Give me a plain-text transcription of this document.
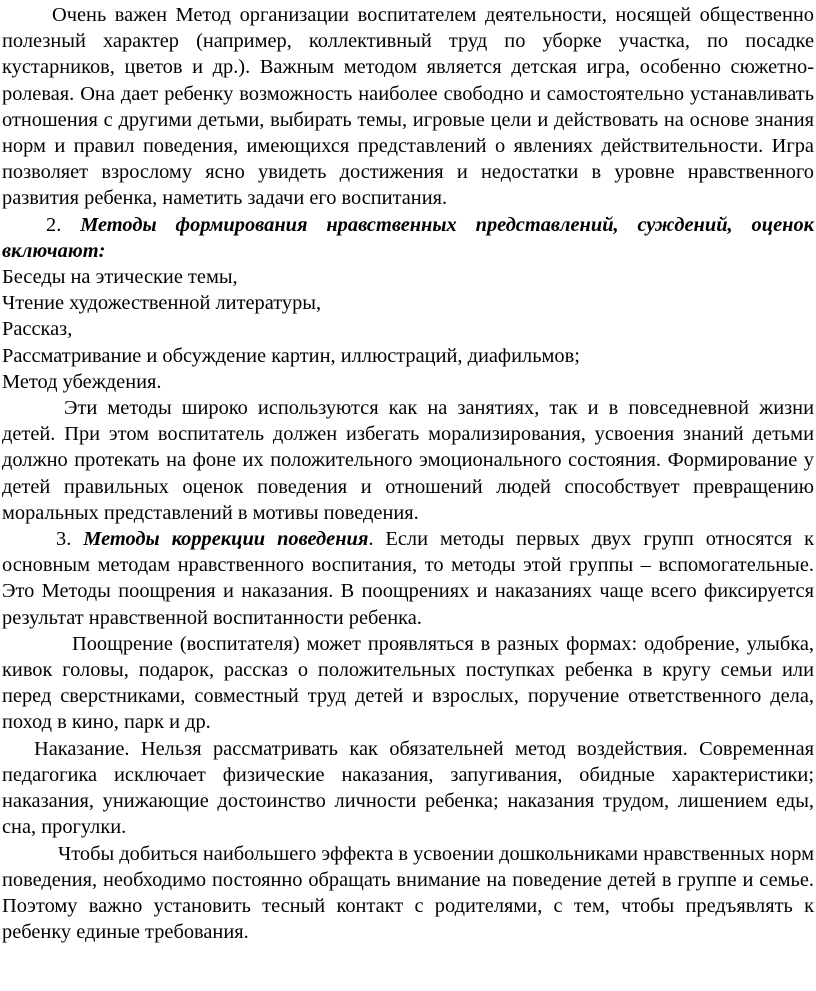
Очень важен Метод организации воспитателем деятельности, носящей общественно полезный характер (например, коллективный труд по уборке участка, по посадке кустарников, цветов и др.). Важным методом является детская игра, особенно сюжетно-ролевая. Она дает ребенку возможность наиболее свободно и самостоятельно устанавливать отношения с другими детьми, выбирать темы, игровые цели и действовать на основе знания норм и правил поведения, имеющихся представлений о явлениях действительности. Игра позволяет взрослому ясно увидеть достижения и недостатки в уровне нравственного развития ребенка, наметить задачи его воспитания.

2. Методы формирования нравственных представлений, суждений, оценок включают:

Беседы на этические темы,
Чтение художественной литературы,
Рассказ,
Рассматривание и обсуждение картин, иллюстраций, диафильмов;
Метод убеждения.

Эти методы широко используются как на занятиях, так и в повседневной жизни детей. При этом воспитатель должен избегать морализирования, усвоения знаний детьми должно протекать на фоне их положительного эмоционального состояния. Формирование у детей правильных оценок поведения и отношений людей способствует превращению моральных представлений в мотивы поведения.

3. Методы коррекции поведения. Если методы первых двух групп относятся к основным методам нравственного воспитания, то методы этой группы – вспомогательные. Это Методы поощрения и наказания. В поощрениях и наказаниях чаще всего фиксируется результат нравственной воспитанности ребенка.

Поощрение (воспитателя) может проявляться в разных формах: одобрение, улыбка, кивок головы, подарок, рассказ о положительных поступках ребенка в кругу семьи или перед сверстниками, совместный труд детей и взрослых, поручение ответственного дела, поход в кино, парк и др.

Наказание. Нельзя рассматривать как обязательней метод воздействия. Современная педагогика исключает физические наказания, запугивания, обидные характеристики; наказания, унижающие достоинство личности ребенка; наказания трудом, лишением еды, сна, прогулки.

Чтобы добиться наибольшего эффекта в усвоении дошкольниками нравственных норм поведения, необходимо постоянно обращать внимание на поведение детей в группе и семье. Поэтому важно установить тесный контакт с родителями, с тем, чтобы предъявлять к ребенку единые требования.
